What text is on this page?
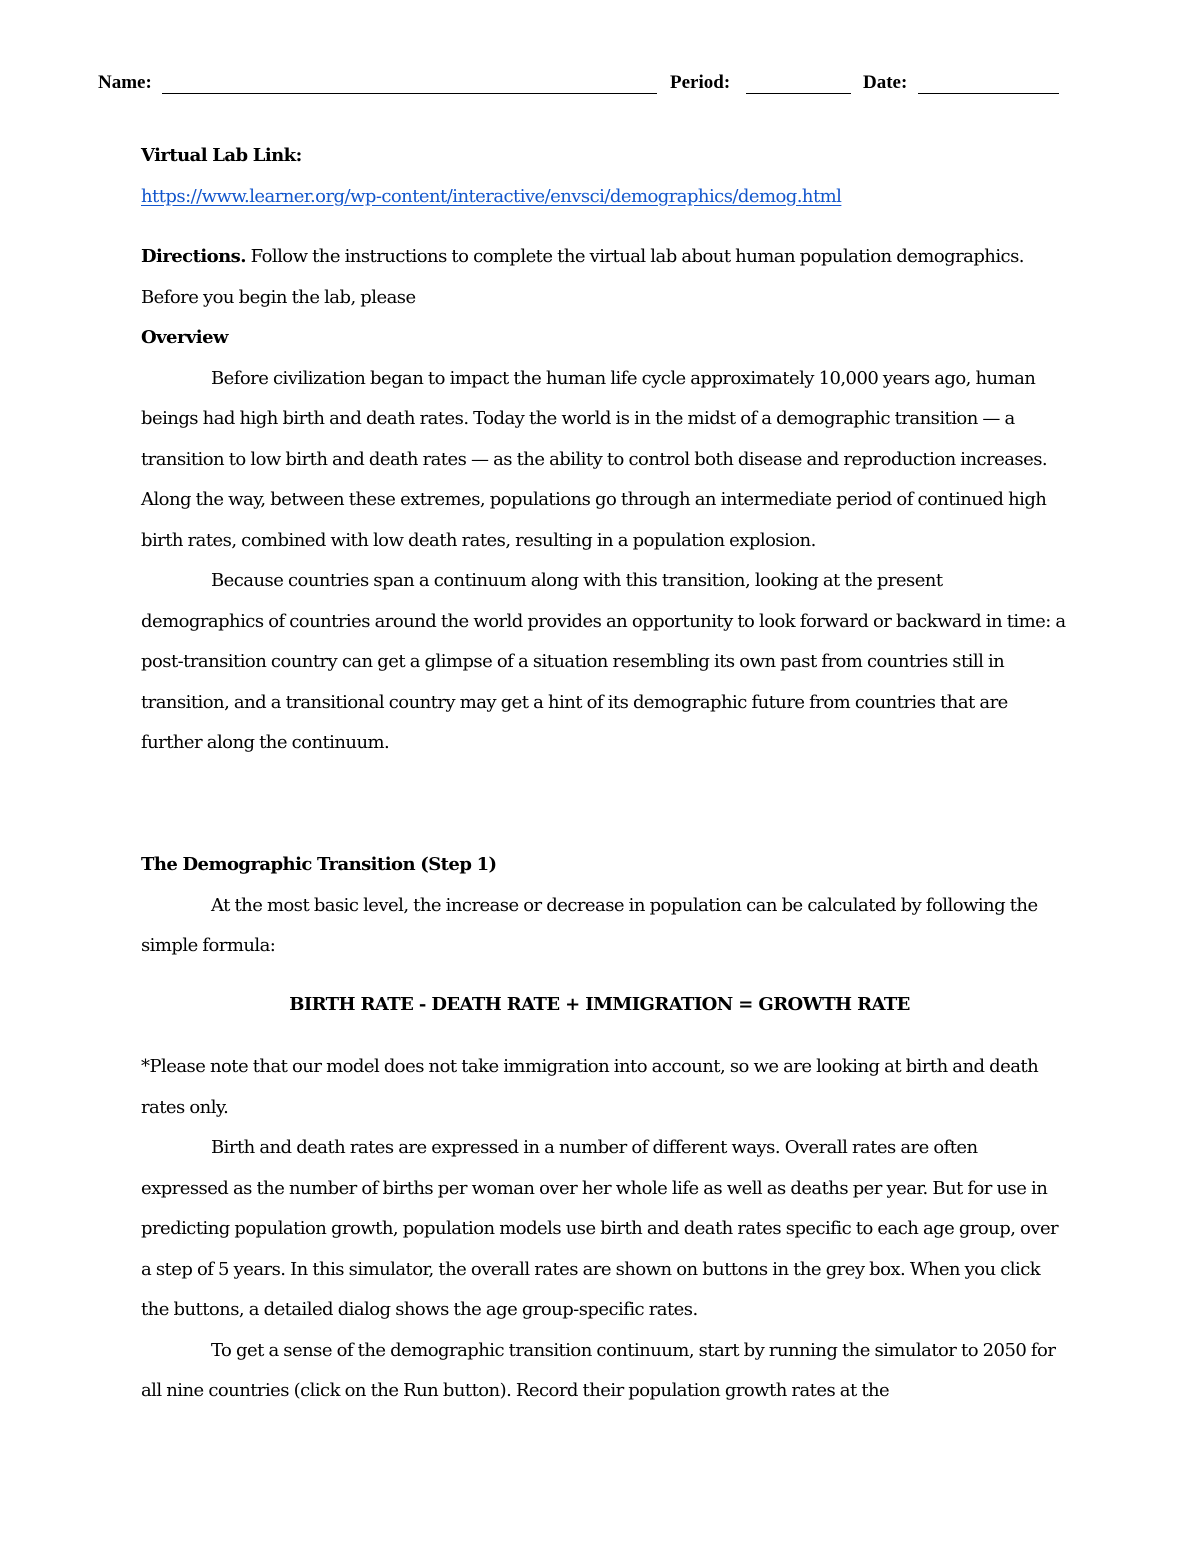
Name:	Period:	Date:

Virtual Lab Link:

https://www.learner.org/wp-content/interactive/envsci/demographics/demog.html

Directions. Follow the instructions to complete the virtual lab about human population demographics. Before you begin the lab, please

Overview

Before civilization began to impact the human life cycle approximately 10,000 years ago, human beings had high birth and death rates. Today the world is in the midst of a demographic transition — a transition to low birth and death rates — as the ability to control both disease and reproduction increases. Along the way, between these extremes, populations go through an intermediate period of continued high birth rates, combined with low death rates, resulting in a population explosion.

Because countries span a continuum along with this transition, looking at the present demographics of countries around the world provides an opportunity to look forward or backward in time: a post-transition country can get a glimpse of a situation resembling its own past from countries still in transition, and a transitional country may get a hint of its demographic future from countries that are further along the continuum.

The Demographic Transition (Step 1)

At the most basic level, the increase or decrease in population can be calculated by following the simple formula:

BIRTH RATE - DEATH RATE + IMMIGRATION = GROWTH RATE

*Please note that our model does not take immigration into account, so we are looking at birth and death rates only.

Birth and death rates are expressed in a number of different ways. Overall rates are often expressed as the number of births per woman over her whole life as well as deaths per year. But for use in predicting population growth, population models use birth and death rates specific to each age group, over a step of 5 years. In this simulator, the overall rates are shown on buttons in the grey box. When you click the buttons, a detailed dialog shows the age group-specific rates.

To get a sense of the demographic transition continuum, start by running the simulator to 2050 for all nine countries (click on the Run button). Record their population growth rates at the
